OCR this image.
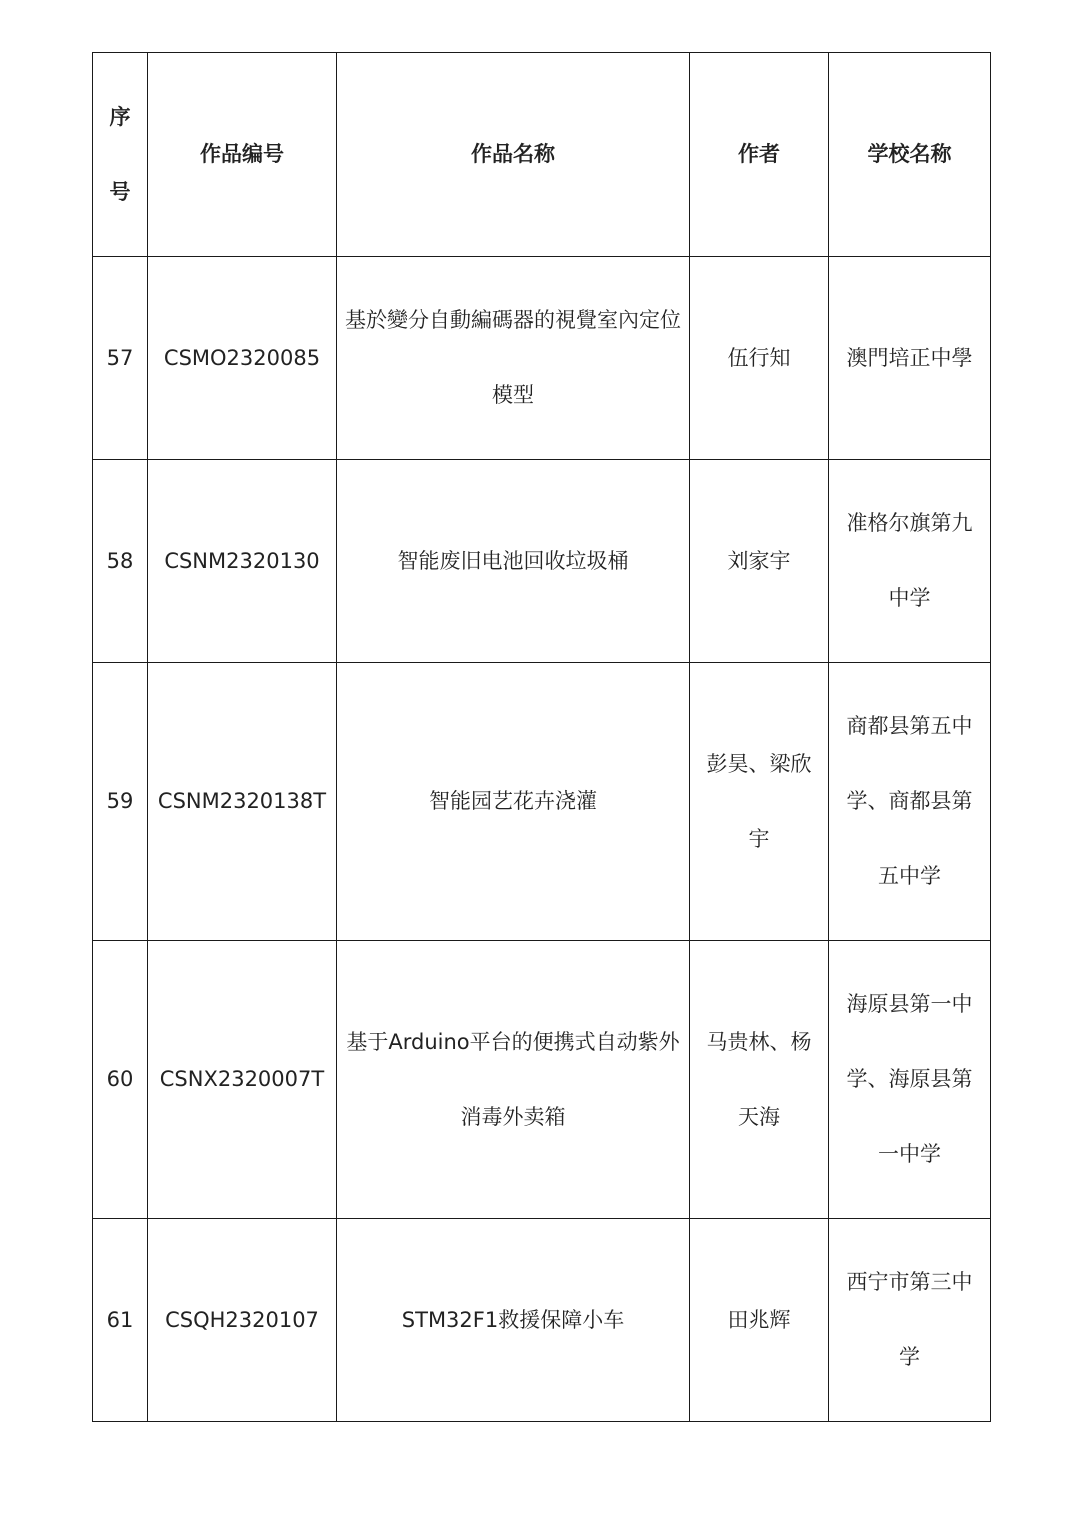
序号	作品编号	作品名称	作者	学校名称
57	CSMO2320085	基於變分自動編碼器的視覺室內定位模型	伍行知	澳門培正中學
58	CSNM2320130	智能废旧电池回收垃圾桶	刘家宇	准格尔旗第九中学
59	CSNM2320138T	智能园艺花卉浇灌	彭昊、梁欣宇	商都县第五中学、商都县第五中学
60	CSNX2320007T	基于Arduino平台的便携式自动紫外消毒外卖箱	马贵林、杨天海	海原县第一中学、海原县第一中学
61	CSQH2320107	STM32F1救援保障小车	田兆辉	西宁市第三中学
